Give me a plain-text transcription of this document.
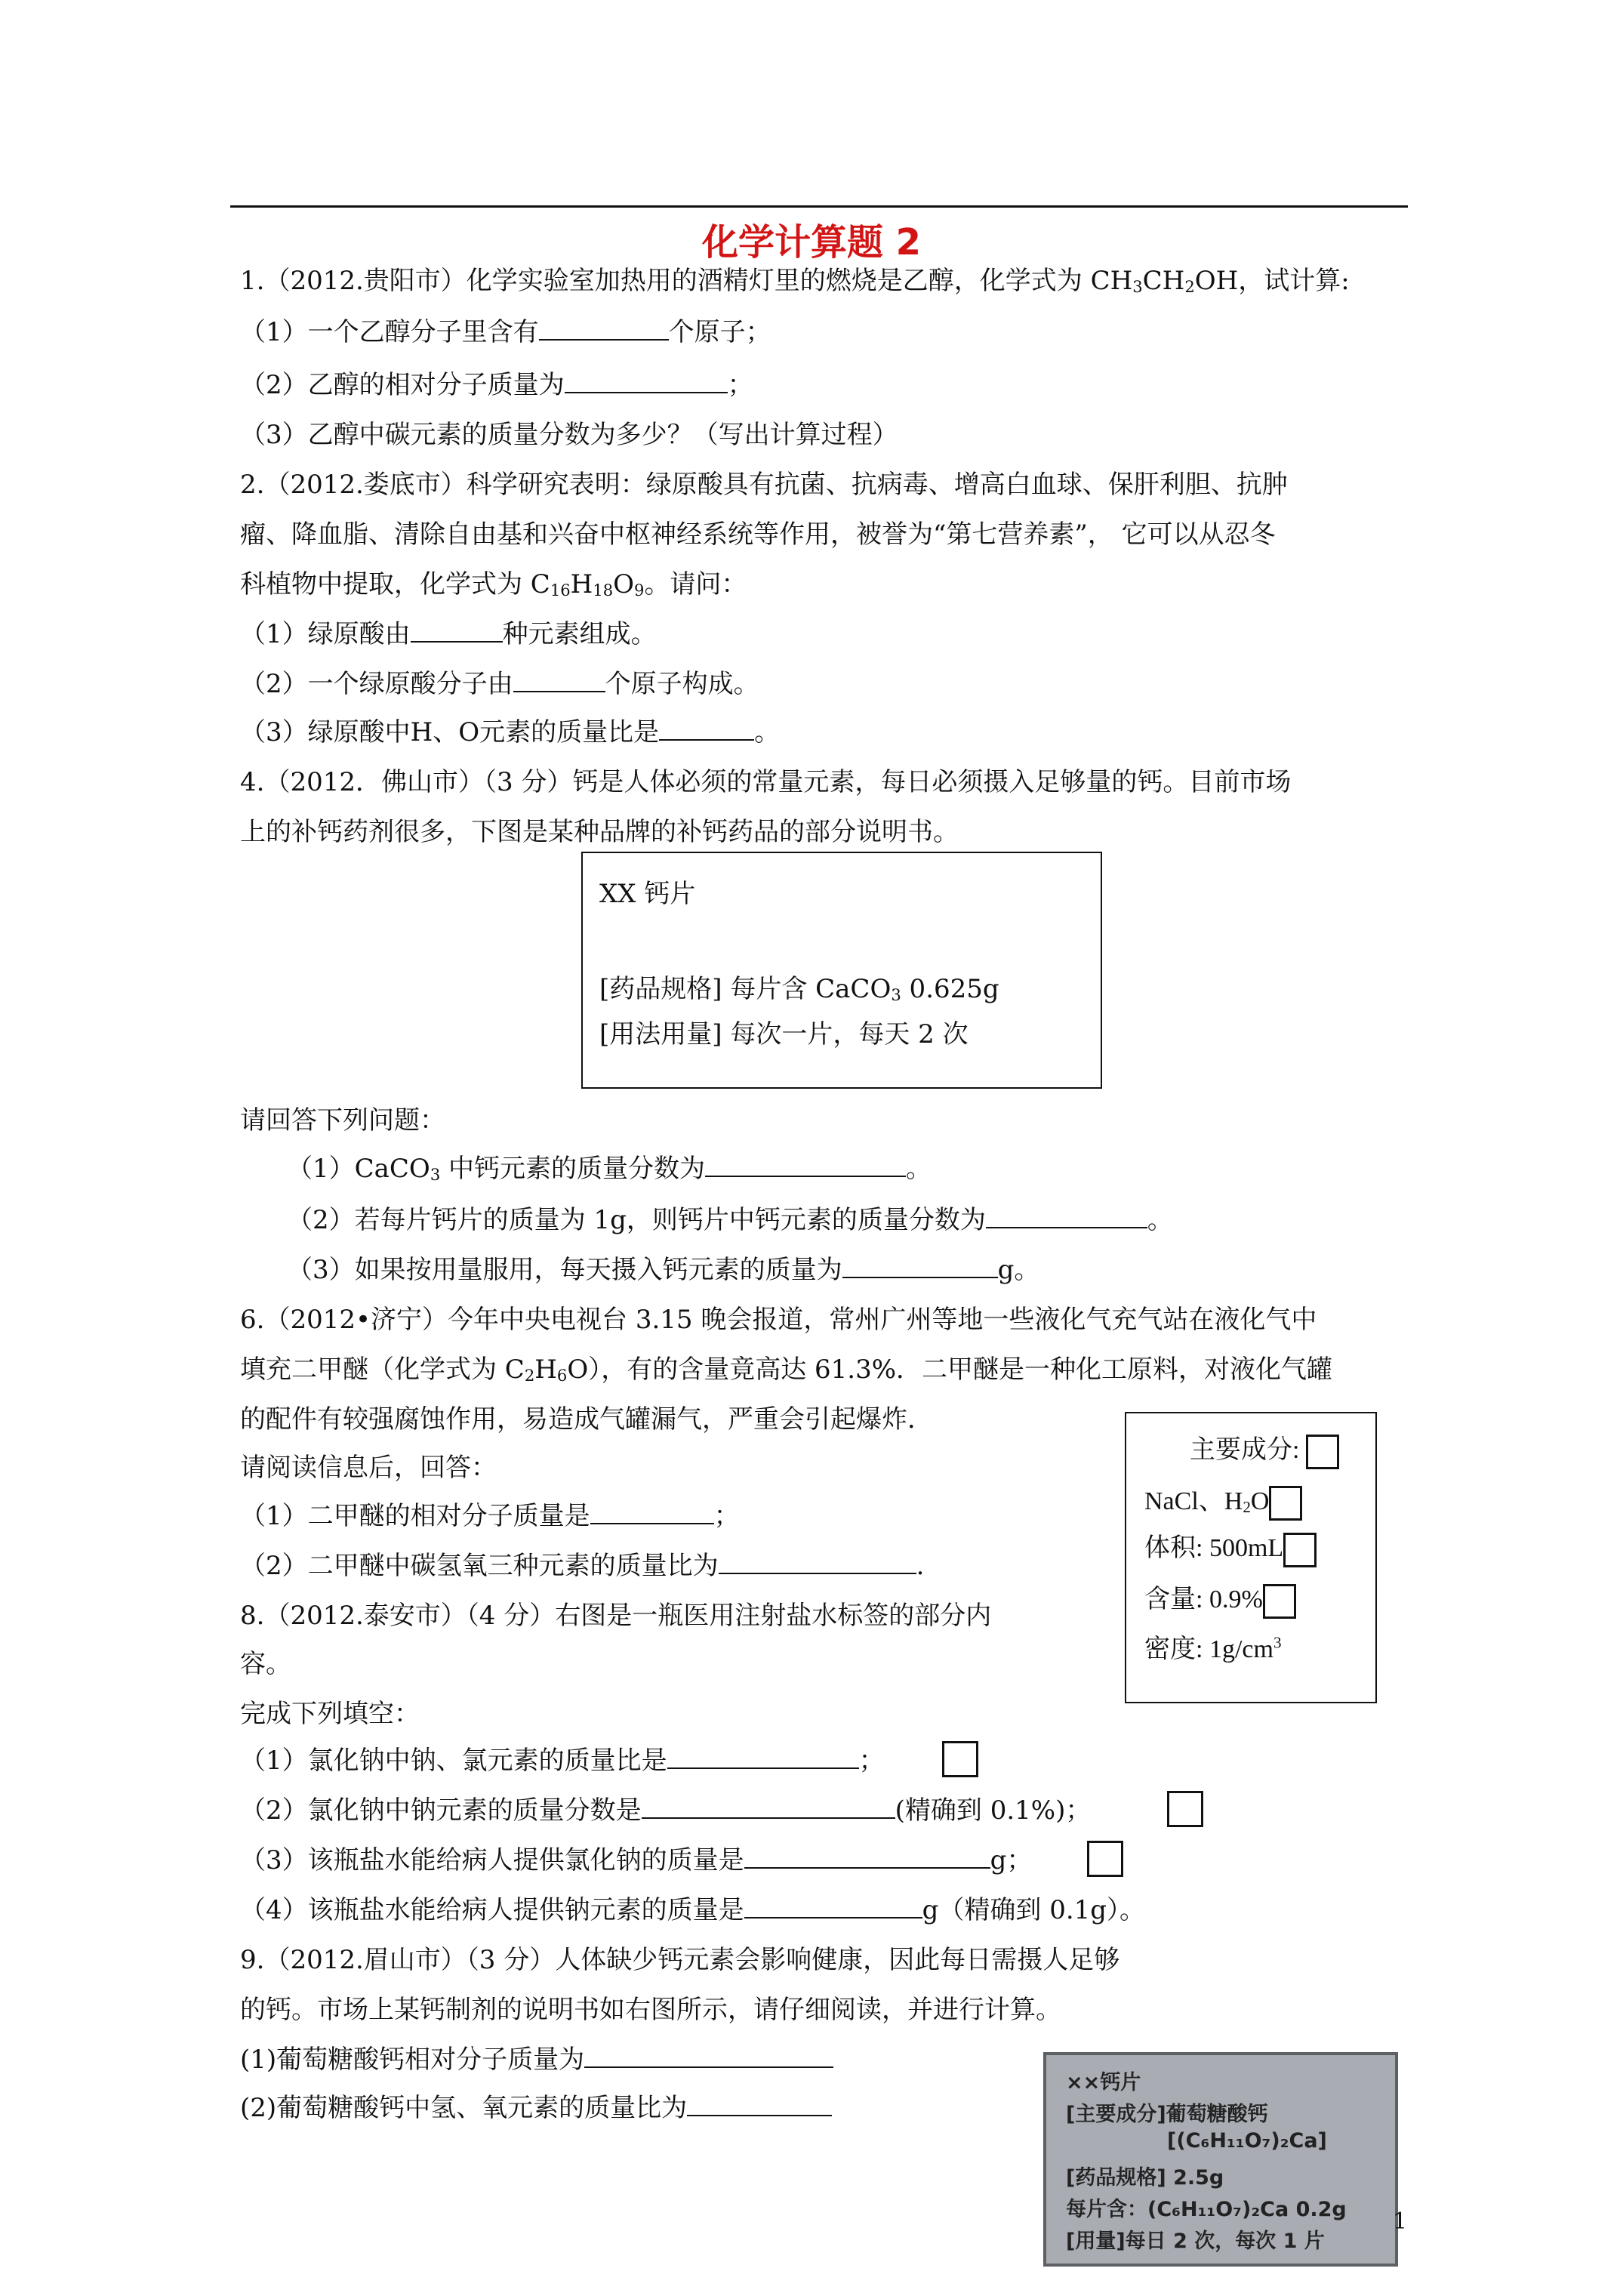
化学计算题 2
1.（2012.贵阳市）化学实验室加热用的酒精灯里的燃烧是乙醇，化学式为 $CH_3CH_2OH$，试计算:
（1）一个乙醇分子里含有	个原子；
（2）乙醇的相对分子质量为	；
（3）乙醇中碳元素的质量分数为多少？（写出计算过程）
2.（2012.娄底市）科学研究表明：绿原酸具有抗菌、抗病毒、增高白血球、保肝利胆、抗肿
瘤、降血脂、清除自由基和兴奋中枢神经系统等作用，被誉为“第七营养素”， 它可以从忍冬
科植物中提取，化学式为 $C_{16}H_{18}O_9$。请问：
（1）绿原酸由	种元素组成。
（2）一个绿原酸分子由	个原子构成。
（3）绿原酸中H、O元素的质量比是	。
4.（2012．佛山市）（3 分）钙是人体必须的常量元素，每日必须摄入足够量的钙。目前市场
上的补钙药剂很多，下图是某种品牌的补钙药品的部分说明书。
XX 钙片
[药品规格] 每片含 CaCO$_3$ 0.625g
[用法用量] 每次一片，每天 2 次
请回答下列问题：
（1）CaCO$_3$ 中钙元素的质量分数为	。
（2）若每片钙片的质量为 1g，则钙片中钙元素的质量分数为	。
（3）如果按用量服用，每天摄入钙元素的质量为	g。
6.（2012•济宁）今年中央电视台 3.15 晚会报道，常州广州等地一些液化气充气站在液化气中
填充二甲醚（化学式为 $C_2H_6O$），有的含量竟高达 61.3%．二甲醚是一种化工原料，对液化气罐
的配件有较强腐蚀作用，易造成气罐漏气，严重会引起爆炸．
请阅读信息后，回答：
（1）二甲醚的相对分子质量是	；
（2）二甲醚中碳氢氧三种元素的质量比为	.
主要成分:
NaCl、$H_2O$
体积: 500mL
含量: 0.9%
密度: $1g/cm^3$
8.（2012.泰安市）（4 分）右图是一瓶医用注射盐水标签的部分内
容。
完成下列填空：
（1）氯化钠中钠、氯元素的质量比是	；
（2）氯化钠中钠元素的质量分数是	(精确到 0.1%)；
（3）该瓶盐水能给病人提供氯化钠的质量是	g；
（4）该瓶盐水能给病人提供钠元素的质量是	g（精确到 0.1g）。
9.（2012.眉山市）（3 分）人体缺少钙元素会影响健康，因此每日需摄人足够
的钙。市场上某钙制剂的说明书如右图所示，请仔细阅读，并进行计算。
(1)葡萄糖酸钙相对分子质量为
(2)葡萄糖酸钙中氢、氧元素的质量比为
××钙片
[主要成分]葡萄糖酸钙
[(C₆H₁₁O₇)₂Ca]
[药品规格] 2.5g
每片含：(C₆H₁₁O₇)₂Ca 0.2g
[用量]每日 2 次，每次 1 片
1
